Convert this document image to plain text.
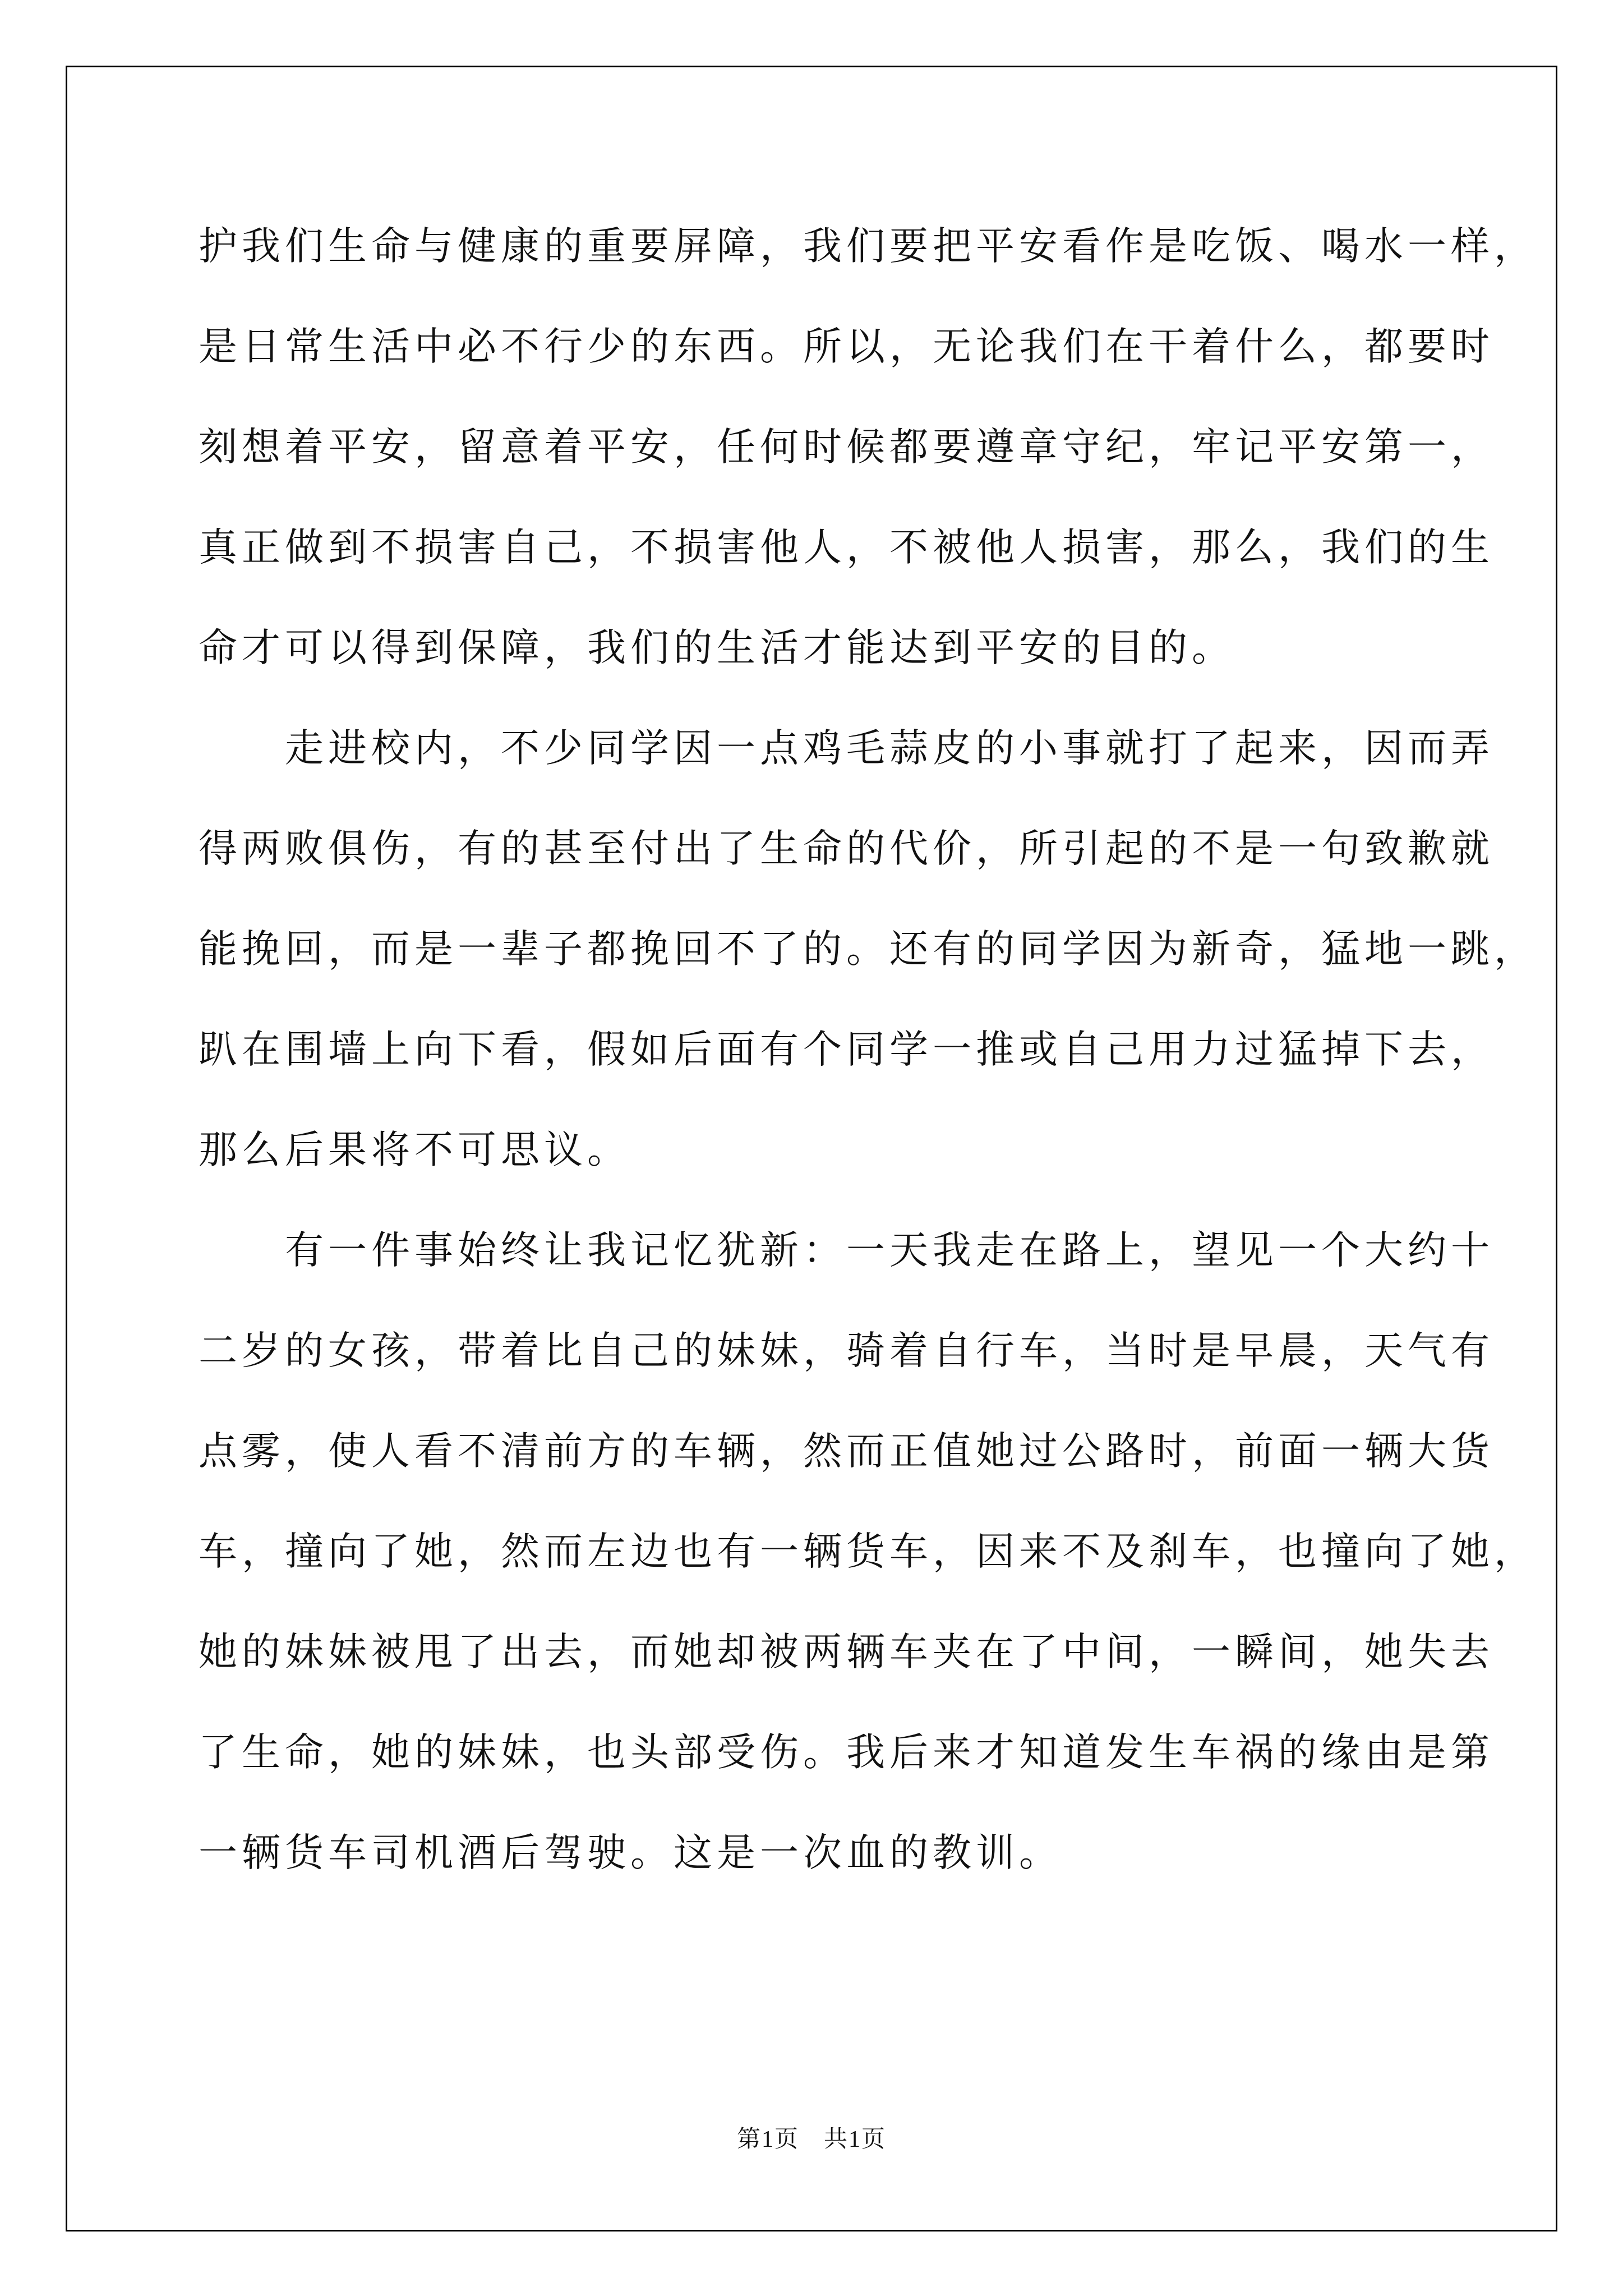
护我们生命与健康的重要屏障，我们要把平安看作是吃饭、喝水一样，
是日常生活中必不行少的东西。所以，无论我们在干着什么，都要时
刻想着平安，留意着平安，任何时候都要遵章守纪，牢记平安第一，
真正做到不损害自己，不损害他人，不被他人损害，那么，我们的生
命才可以得到保障，我们的生活才能达到平安的目的。
　　走进校内，不少同学因一点鸡毛蒜皮的小事就打了起来，因而弄
得两败俱伤，有的甚至付出了生命的代价，所引起的不是一句致歉就
能挽回，而是一辈子都挽回不了的。还有的同学因为新奇，猛地一跳，
趴在围墙上向下看，假如后面有个同学一推或自己用力过猛掉下去，
那么后果将不可思议。
　　有一件事始终让我记忆犹新：一天我走在路上，望见一个大约十
二岁的女孩，带着比自己的妹妹，骑着自行车，当时是早晨，天气有
点雾，使人看不清前方的车辆，然而正值她过公路时，前面一辆大货
车，撞向了她，然而左边也有一辆货车，因来不及刹车，也撞向了她，
她的妹妹被甩了出去，而她却被两辆车夹在了中间，一瞬间，她失去
了生命，她的妹妹，也头部受伤。我后来才知道发生车祸的缘由是第
一辆货车司机酒后驾驶。这是一次血的教训。
第1页　共1页
